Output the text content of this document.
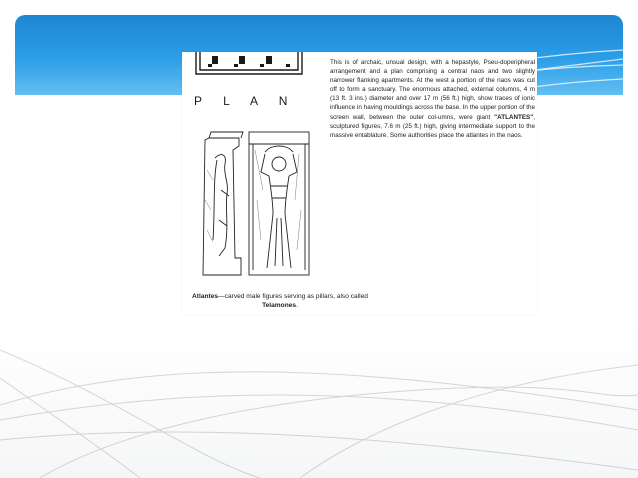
P L A N

This is of archaic, unsual design, with a hepastyle, Pseu-doperipheral arrangement and a plan comprising a central naos and two slightly narrower flanking apartments. At the west a portion of the naos was cut off to form a sanctuary. The enormous attached, external columns, 4 m (13 ft. 3 ins.) diameter and over 17 m (56 ft.) high, show traces of ionic influence in having mouldings across the base. In the upper portion of the screen wall, between the outer col-umns, were giant "ATLANTES", sculptured figures, 7.6 m (25 ft.) high, giving intermediate support to the massive entablature. Some authorities place the atlantes in the naos.

Atlantes—carved male figures serving as pillars, also called Telamones.
